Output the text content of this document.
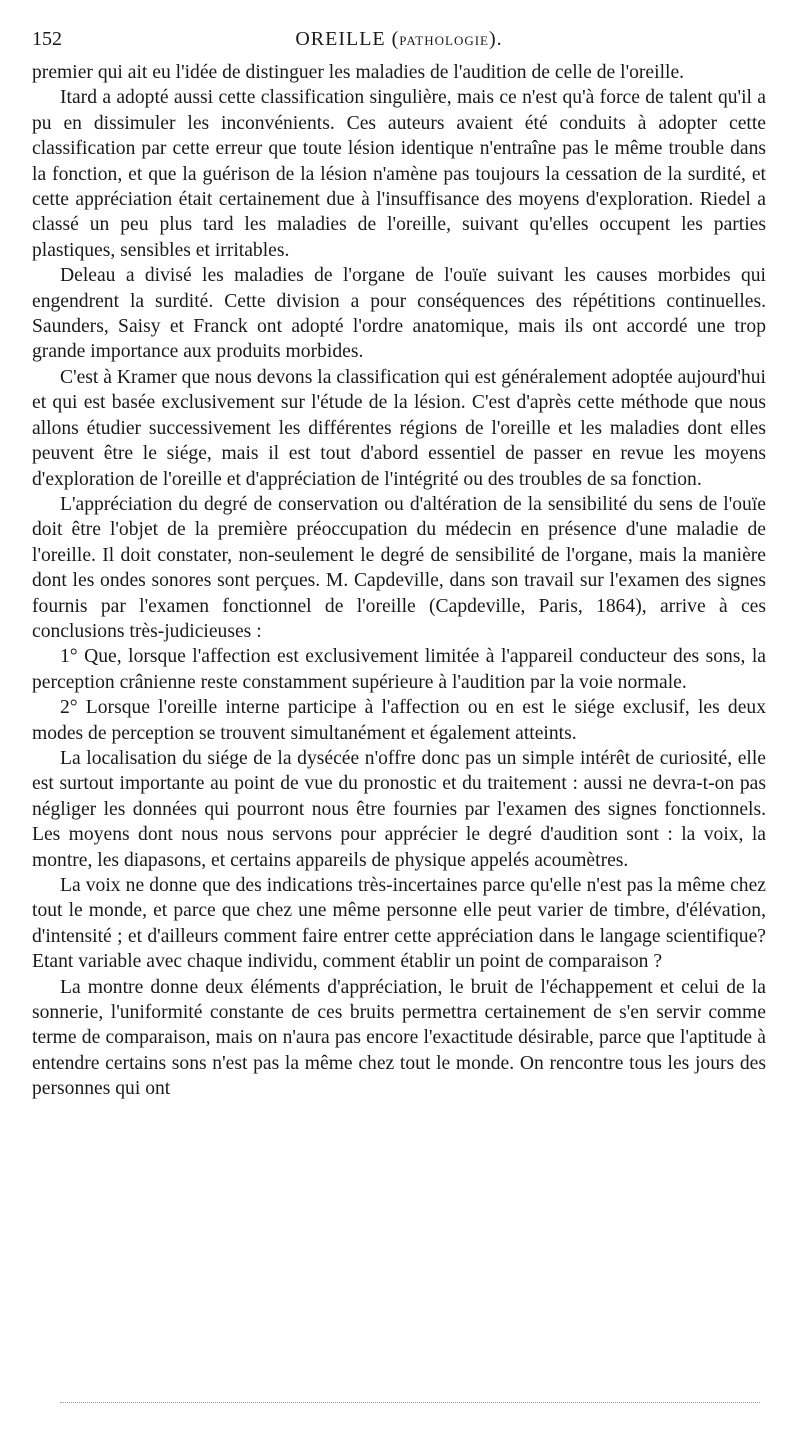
152	OREILLE (PATHOLOGIE).

premier qui ait eu l'idée de distinguer les maladies de l'audition de celle de l'oreille.

Itard a adopté aussi cette classification singulière, mais ce n'est qu'à force de talent qu'il a pu en dissimuler les inconvénients. Ces auteurs avaient été conduits à adopter cette classification par cette erreur que toute lésion identique n'entraîne pas le même trouble dans la fonction, et que la guérison de la lésion n'amène pas toujours la cessation de la surdité, et cette appréciation était certainement due à l'insuffisance des moyens d'exploration. Riedel a classé un peu plus tard les maladies de l'oreille, suivant qu'elles occupent les parties plastiques, sensibles et irritables.

Deleau a divisé les maladies de l'organe de l'ouïe suivant les causes morbides qui engendrent la surdité. Cette division a pour conséquences des répétitions continuelles. Saunders, Saisy et Franck ont adopté l'ordre anatomique, mais ils ont accordé une trop grande importance aux produits morbides.

C'est à Kramer que nous devons la classification qui est généralement adoptée aujourd'hui et qui est basée exclusivement sur l'étude de la lésion. C'est d'après cette méthode que nous allons étudier successivement les différentes régions de l'oreille et les maladies dont elles peuvent être le siége, mais il est tout d'abord essentiel de passer en revue les moyens d'exploration de l'oreille et d'appréciation de l'intégrité ou des troubles de sa fonction.

L'appréciation du degré de conservation ou d'altération de la sensibilité du sens de l'ouïe doit être l'objet de la première préoccupation du médecin en présence d'une maladie de l'oreille. Il doit constater, non-seulement le degré de sensibilité de l'organe, mais la manière dont les ondes sonores sont perçues. M. Capdeville, dans son travail sur l'examen des signes fournis par l'examen fonctionnel de l'oreille (Capdeville, Paris, 1864), arrive à ces conclusions très-judicieuses :

1° Que, lorsque l'affection est exclusivement limitée à l'appareil conducteur des sons, la perception crânienne reste constamment supérieure à l'audition par la voie normale.

2° Lorsque l'oreille interne participe à l'affection ou en est le siége exclusif, les deux modes de perception se trouvent simultanément et également atteints.

La localisation du siége de la dysécée n'offre donc pas un simple intérêt de curiosité, elle est surtout importante au point de vue du pronostic et du traitement : aussi ne devra-t-on pas négliger les données qui pourront nous être fournies par l'examen des signes fonctionnels. Les moyens dont nous nous servons pour apprécier le degré d'audition sont : la voix, la montre, les diapasons, et certains appareils de physique appelés acoumètres.

La voix ne donne que des indications très-incertaines parce qu'elle n'est pas la même chez tout le monde, et parce que chez une même personne elle peut varier de timbre, d'élévation, d'intensité ; et d'ailleurs comment faire entrer cette appréciation dans le langage scientifique? Etant variable avec chaque individu, comment établir un point de comparaison ?

La montre donne deux éléments d'appréciation, le bruit de l'échappement et celui de la sonnerie, l'uniformité constante de ces bruits permettra certainement de s'en servir comme terme de comparaison, mais on n'aura pas encore l'exactitude désirable, parce que l'aptitude à entendre certains sons n'est pas la même chez tout le monde. On rencontre tous les jours des personnes qui ont
